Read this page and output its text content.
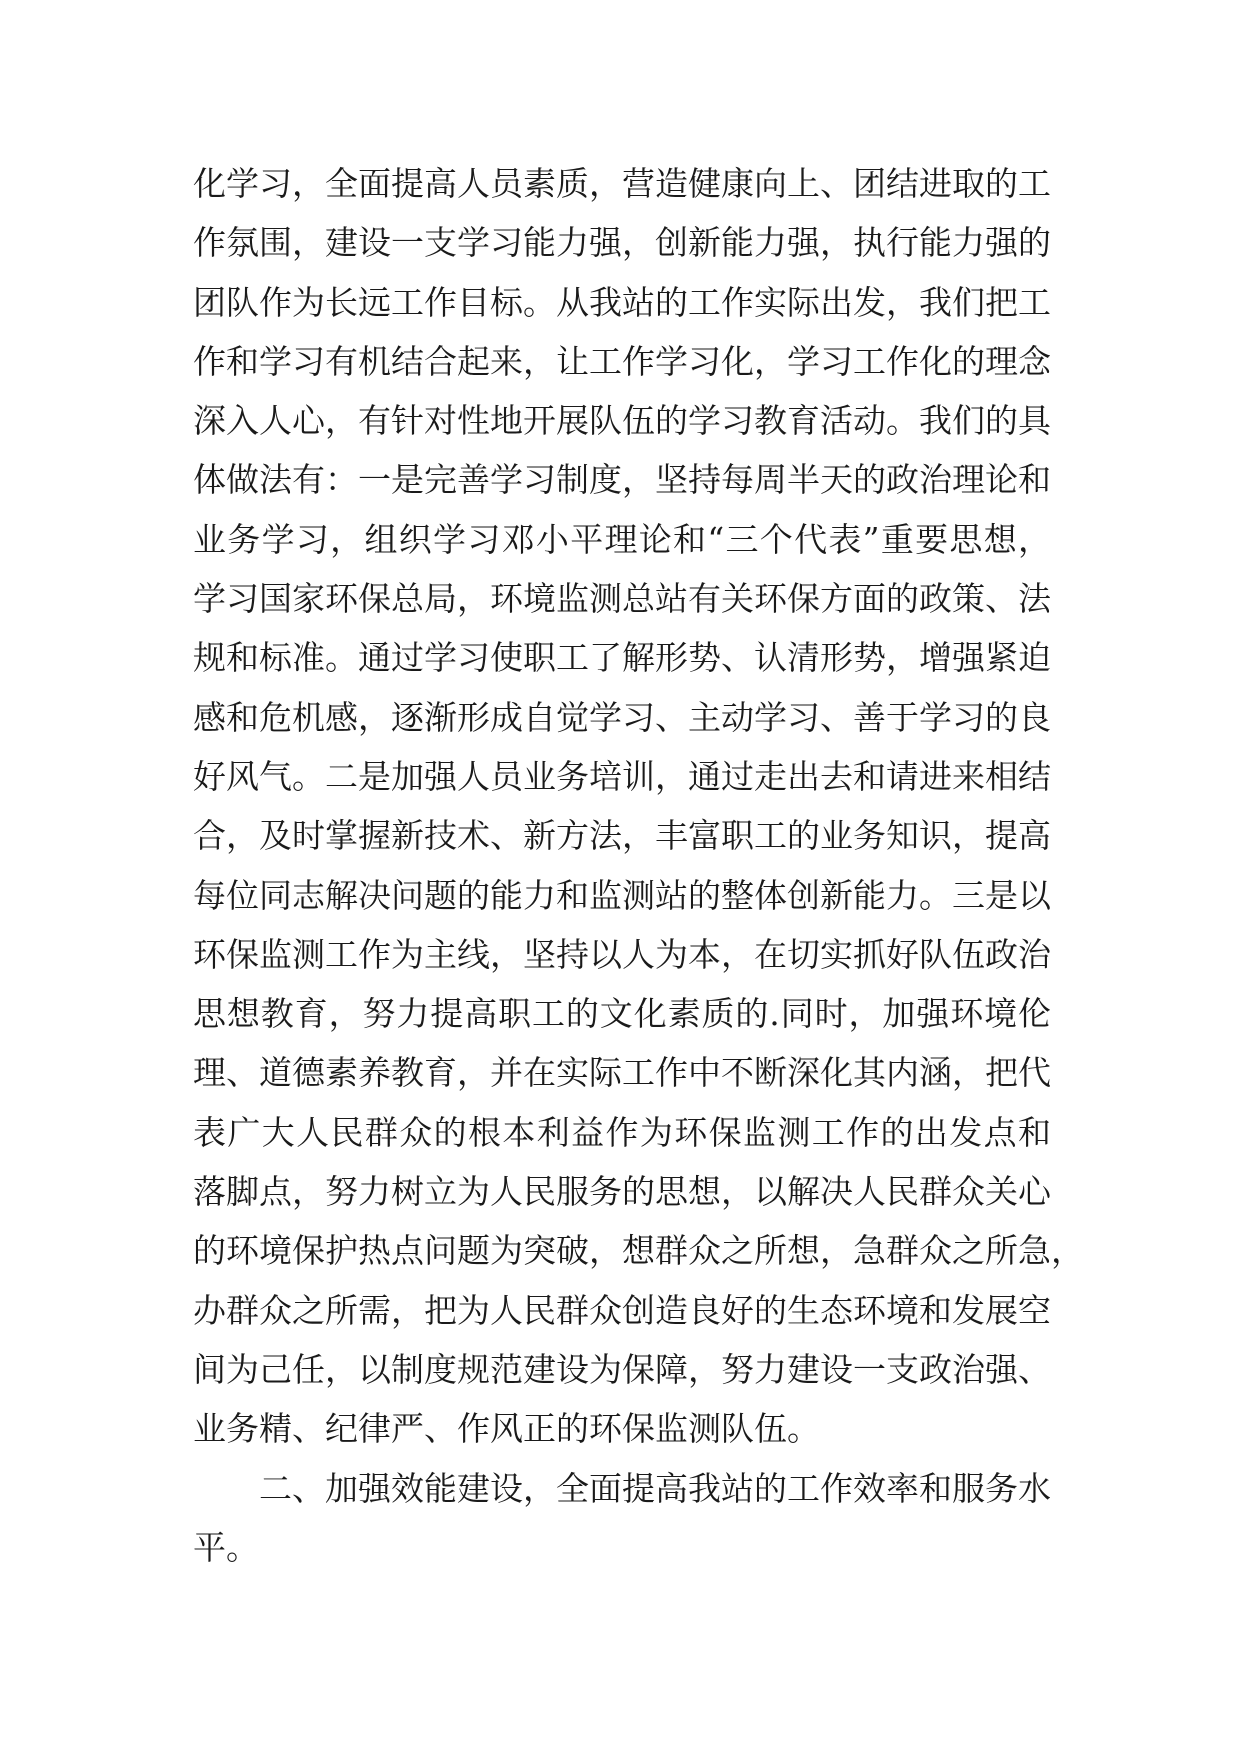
化学习，全面提高人员素质，营造健康向上、团结进取的工
作氛围，建设一支学习能力强，创新能力强，执行能力强的
团队作为长远工作目标。从我站的工作实际出发，我们把工
作和学习有机结合起来，让工作学习化，学习工作化的理念
深入人心，有针对性地开展队伍的学习教育活动。我们的具
体做法有：一是完善学习制度，坚持每周半天的政治理论和
业务学习，组织学习邓小平理论和“三个代表”重要思想，
学习国家环保总局，环境监测总站有关环保方面的政策、法
规和标准。通过学习使职工了解形势、认清形势，增强紧迫
感和危机感，逐渐形成自觉学习、主动学习、善于学习的良
好风气。二是加强人员业务培训，通过走出去和请进来相结
合，及时掌握新技术、新方法，丰富职工的业务知识，提高
每位同志解决问题的能力和监测站的整体创新能力。三是以
环保监测工作为主线，坚持以人为本，在切实抓好队伍政治
思想教育，努力提高职工的文化素质的.同时，加强环境伦
理、道德素养教育，并在实际工作中不断深化其内涵，把代
表广大人民群众的根本利益作为环保监测工作的出发点和
落脚点，努力树立为人民服务的思想，以解决人民群众关心
的环境保护热点问题为突破，想群众之所想，急群众之所急，
办群众之所需，把为人民群众创造良好的生态环境和发展空
间为己任，以制度规范建设为保障，努力建设一支政治强、
业务精、纪律严、作风正的环保监测队伍。
二、加强效能建设，全面提高我站的工作效率和服务水
平。
